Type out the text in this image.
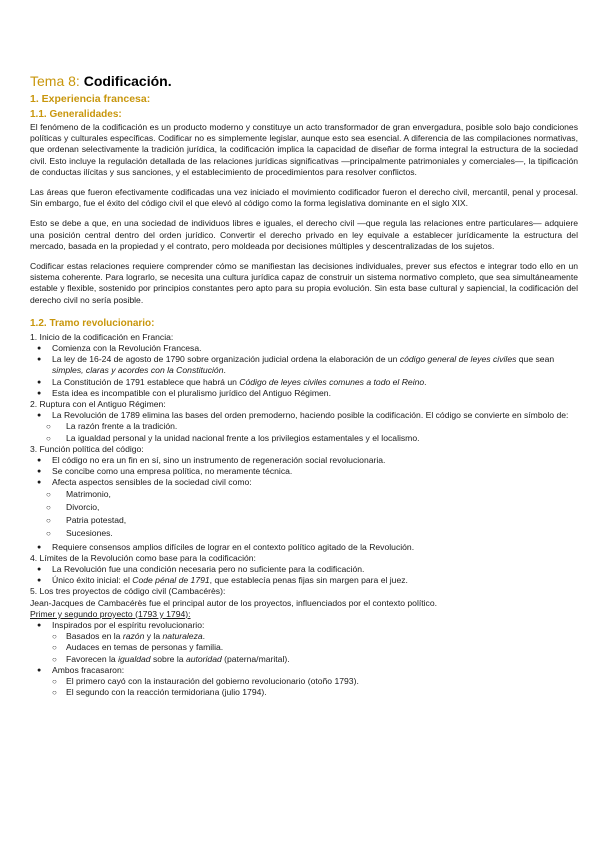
Tema 8: Codificación.
1. Experiencia francesa:
1.1. Generalidades:

El fenómeno de la codificación es un producto moderno y constituye un acto transformador de gran envergadura, posible solo bajo condiciones políticas y culturales específicas. Codificar no es simplemente legislar, aunque esto sea esencial. A diferencia de las compilaciones normativas, que ordenan selectivamente la tradición jurídica, la codificación implica la capacidad de diseñar de forma integral la estructura de la sociedad civil. Esto incluye la regulación detallada de las relaciones jurídicas significativas —principalmente patrimoniales y comerciales—, la tipificación de conductas ilícitas y sus sanciones, y el establecimiento de procedimientos para resolver conflictos.

Las áreas que fueron efectivamente codificadas una vez iniciado el movimiento codificador fueron el derecho civil, mercantil, penal y procesal. Sin embargo, fue el éxito del código civil el que elevó al código como la forma legislativa dominante en el siglo XIX.

Esto se debe a que, en una sociedad de individuos libres e iguales, el derecho civil —que regula las relaciones entre particulares— adquiere una posición central dentro del orden jurídico. Convertir el derecho privado en ley equivale a establecer jurídicamente la estructura del mercado, basada en la propiedad y el contrato, pero moldeada por decisiones múltiples y descentralizadas de los sujetos.

Codificar estas relaciones requiere comprender cómo se manifiestan las decisiones individuales, prever sus efectos e integrar todo ello en un sistema coherente. Para lograrlo, se necesita una cultura jurídica capaz de construir un sistema normativo completo, que sea simultáneamente estable y flexible, sostenido por principios constantes pero apto para su propia evolución. Sin esta base cultural y sapiencial, la codificación del derecho civil no sería posible.

1.2. Tramo revolucionario:
1. Inicio de la codificación en Francia:
● Comienza con la Revolución Francesa.
● La ley de 16-24 de agosto de 1790 sobre organización judicial ordena la elaboración de un código general de leyes civiles que sean simples, claras y acordes con la Constitución.
● La Constitución de 1791 establece que habrá un Código de leyes civiles comunes a todo el Reino.
● Esta idea es incompatible con el pluralismo jurídico del Antiguo Régimen.
2. Ruptura con el Antiguo Régimen:
● La Revolución de 1789 elimina las bases del orden premoderno, haciendo posible la codificación. El código se convierte en símbolo de:
○ La razón frente a la tradición.
○ La igualdad personal y la unidad nacional frente a los privilegios estamentales y el localismo.
3. Función política del código:
● El código no era un fin en sí, sino un instrumento de regeneración social revolucionaria.
● Se concibe como una empresa política, no meramente técnica.
● Afecta aspectos sensibles de la sociedad civil como:
○ Matrimonio,
○ Divorcio,
○ Patria potestad,
○ Sucesiones.
● Requiere consensos amplios difíciles de lograr en el contexto político agitado de la Revolución.
4. Límites de la Revolución como base para la codificación:
● La Revolución fue una condición necesaria pero no suficiente para la codificación.
● Único éxito inicial: el Code pénal de 1791, que establecía penas fijas sin margen para el juez.
5. Los tres proyectos de código civil (Cambacérès):
Jean-Jacques de Cambacérès fue el principal autor de los proyectos, influenciados por el contexto político.
Primer y segundo proyecto (1793 y 1794):
● Inspirados por el espíritu revolucionario:
○ Basados en la razón y la naturaleza.
○ Audaces en temas de personas y familia.
○ Favorecen la igualdad sobre la autoridad (paterna/marital).
● Ambos fracasaron:
○ El primero cayó con la instauración del gobierno revolucionario (otoño 1793).
○ El segundo con la reacción termidoriana (julio 1794).
